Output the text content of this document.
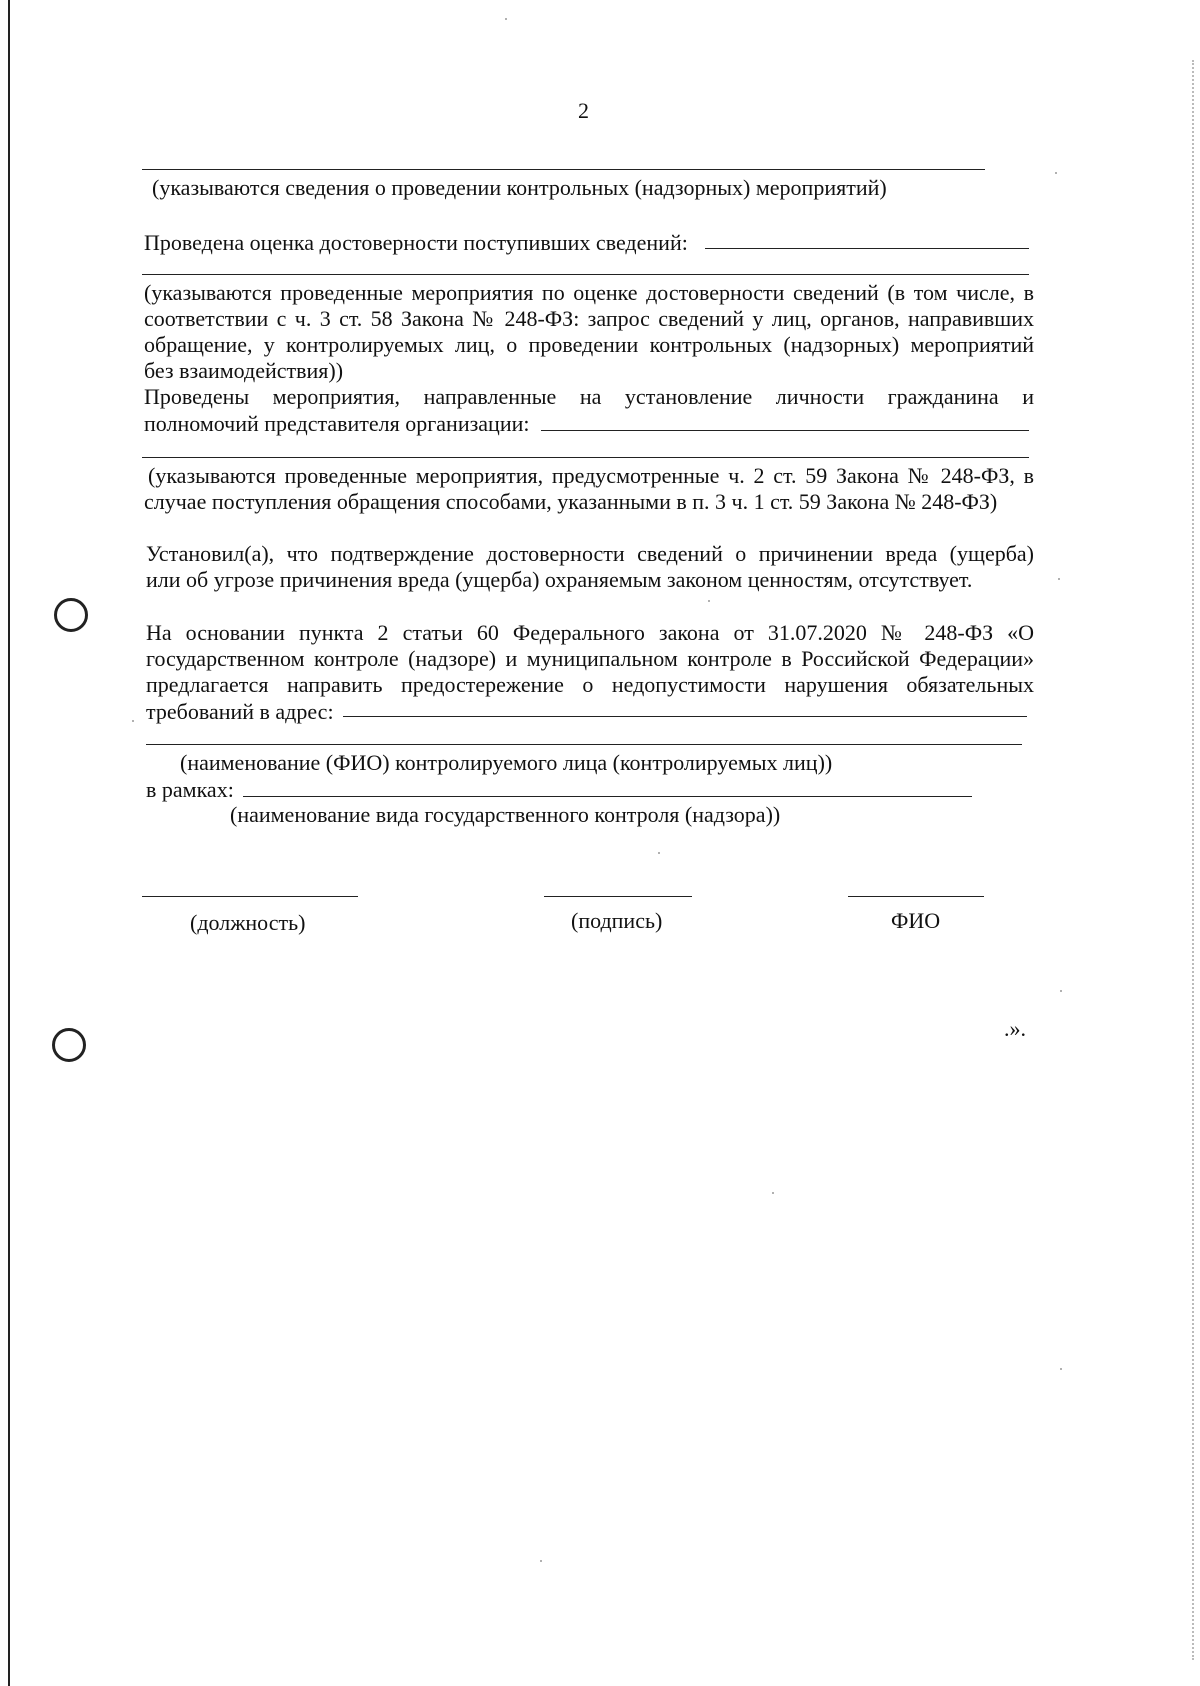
2
(указываются сведения о проведении контрольных (надзорных) мероприятий)
Проведена оценка достоверности поступивших сведений:
(указываются проведенные мероприятия по оценке достоверности сведений (в том числе, в
соответствии с ч. 3 ст. 58 Закона № 248-ФЗ: запрос сведений у лиц, органов, направивших
обращение, у контролируемых лиц, о проведении контрольных (надзорных) мероприятий
без взаимодействия))
Проведены мероприятия, направленные на установление личности гражданина и
полномочий представителя организации:
(указываются проведенные мероприятия, предусмотренные ч. 2 ст. 59 Закона № 248-ФЗ, в
случае поступления обращения способами, указанными в п. 3 ч. 1 ст. 59 Закона № 248-ФЗ)
Установил(а), что подтверждение достоверности сведений о причинении вреда (ущерба)
или об угрозе причинения вреда (ущерба) охраняемым законом ценностям, отсутствует.
На основании пункта 2 статьи 60 Федерального закона от 31.07.2020 № 248-ФЗ «О
государственном контроле (надзоре) и муниципальном контроле в Российской Федерации»
предлагается направить предостережение о недопустимости нарушения обязательных
требований в адрес:
(наименование (ФИО) контролируемого лица (контролируемых лиц))
в рамках:
(наименование вида государственного контроля (надзора))
(должность)	(подпись)	ФИО
.».
